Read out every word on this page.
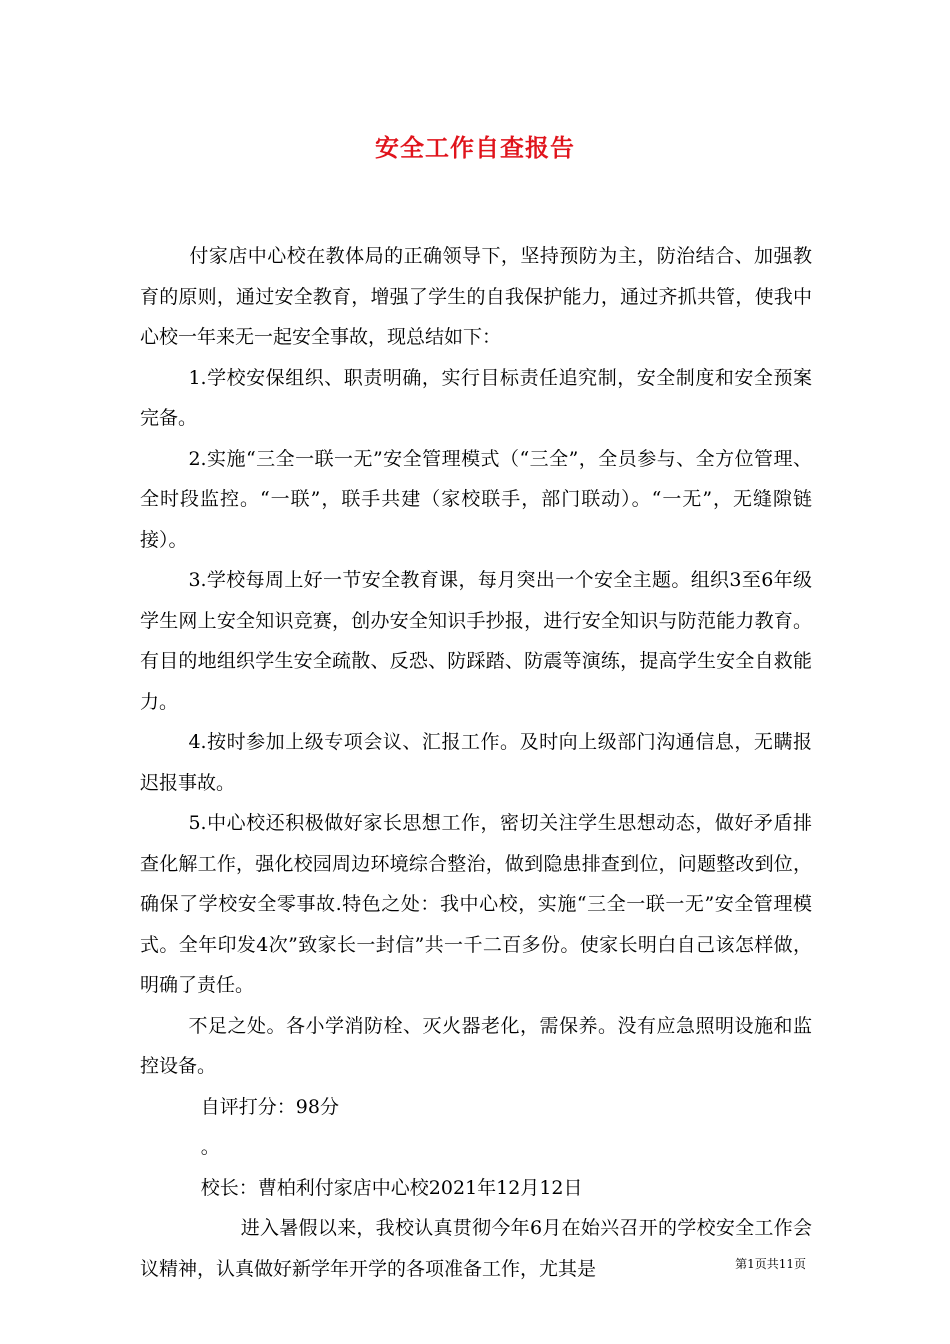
安全工作自查报告

付家店中心校在教体局的正确领导下，坚持预防为主，防治结合、加强教育的原则，通过安全教育，增强了学生的自我保护能力，通过齐抓共管，使我中心校一年来无一起安全事故，现总结如下：

1.学校安保组织、职责明确，实行目标责任追究制，安全制度和安全预案完备。

2.实施“三全一联一无”安全管理模式（“三全”，全员参与、全方位管理、全时段监控。“一联”，联手共建（家校联手，部门联动）。“一无”，无缝隙链接）。

3.学校每周上好一节安全教育课，每月突出一个安全主题。组织3至6年级学生网上安全知识竞赛，创办安全知识手抄报，进行安全知识与防范能力教育。有目的地组织学生安全疏散、反恐、防踩踏、防震等演练，提高学生安全自救能力。

4.按时参加上级专项会议、汇报工作。及时向上级部门沟通信息，无瞒报迟报事故。

5.中心校还积极做好家长思想工作，密切关注学生思想动态，做好矛盾排查化解工作，强化校园周边环境综合整治，做到隐患排查到位，问题整改到位，确保了学校安全零事故.特色之处：我中心校，实施“三全一联一无”安全管理模式。全年印发4次”致家长一封信”共一千二百多份。使家长明白自己该怎样做，明确了责任。

不足之处。各小学消防栓、灭火器老化，需保养。没有应急照明设施和监控设备。

自评打分：98分

。

校长：曹柏利付家店中心校2021年12月12日

进入暑假以来，我校认真贯彻今年6月在始兴召开的学校安全工作会议精神，认真做好新学年开学的各项准备工作，尤其是	第1页共11页
